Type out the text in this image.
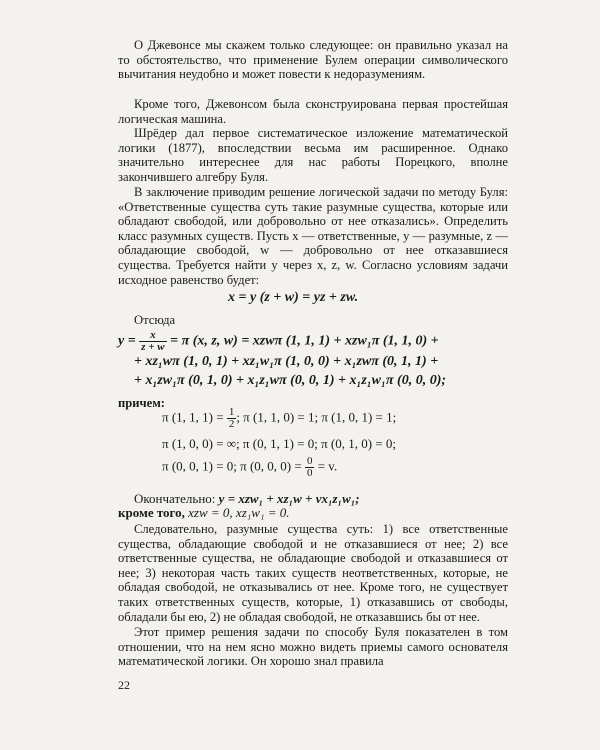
О Джевонсе мы скажем только следующее: он правильно указал на то обстоятельство, что применение Булем операции символического вычитания неудобно и может повести к недоразумениям.

Кроме того, Джевонсом была сконструирована первая простейшая логическая машина.

Шрёдер дал первое систематическое изложение математической логики (1877), впоследствии весьма им расширенное. Однако значительно интереснее для нас работы Порецкого, вполне закончившего алгебру Буля.

В заключение приводим решение логической задачи по методу Буля: «Ответственные существа суть такие разумные существа, которые или обладают свободой, или добровольно от нее отказались». Определить класс разумных существ. Пусть x — ответственные, y — разумные, z — обладающие свободой, w — добровольно от нее отказавшиеся существа. Требуется найти y через x, z, w. Согласно условиям задачи исходное равенство будет:

x = y (z + w) = yz + zw.
Отсюда
$y = \frac{x}{z + w} = \pi$ (x, z, w) = xzwπ (1, 1, 1) + xzw₁π (1, 1, 0) +
+ xz₁wπ (1, 0, 1) + xz₁w₁π (1, 0, 0) + x₁zwπ (0, 1, 1) +
+ x₁zw₁π (0, 1, 0) + x₁z₁wπ (0, 0, 1) + x₁z₁w₁π (0, 0, 0);
причем:
π (1, 1, $1) = \frac{1}{2}$ ; π (1, 1, 0) = 1; π (1, 0, 1) = 1;
π (1, 0, 0) = ∞; π (0, 1, 1) = 0; π (0, 1, 0) = 0;
π (0, 0, 1) = 0; π (0, 0, $0) = \frac{0}{0} = v$.
Окончательно: y = xzw₁ + xz₁w + vx₁z₁w₁;
кроме того, xzw = 0, xz₁w₁ = 0.

Следовательно, разумные существа суть: 1) все ответственные существа, обладающие свободой и не отказавшиеся от нее; 2) все ответственные существа, не обладающие свободой и отказавшиеся от нее; 3) некоторая часть таких существ неответственных, которые, не обладая свободой, не отказывались от нее. Кроме того, не существует таких ответственных существ, которые, 1) отказавшись от свободы, обладали бы ею, 2) не обладая свободой, не отказавшись бы от нее.

Этот пример решения задачи по способу Буля показателен в том отношении, что на нем ясно можно видеть приемы самого основателя математической логики. Он хорошо знал правила

22
